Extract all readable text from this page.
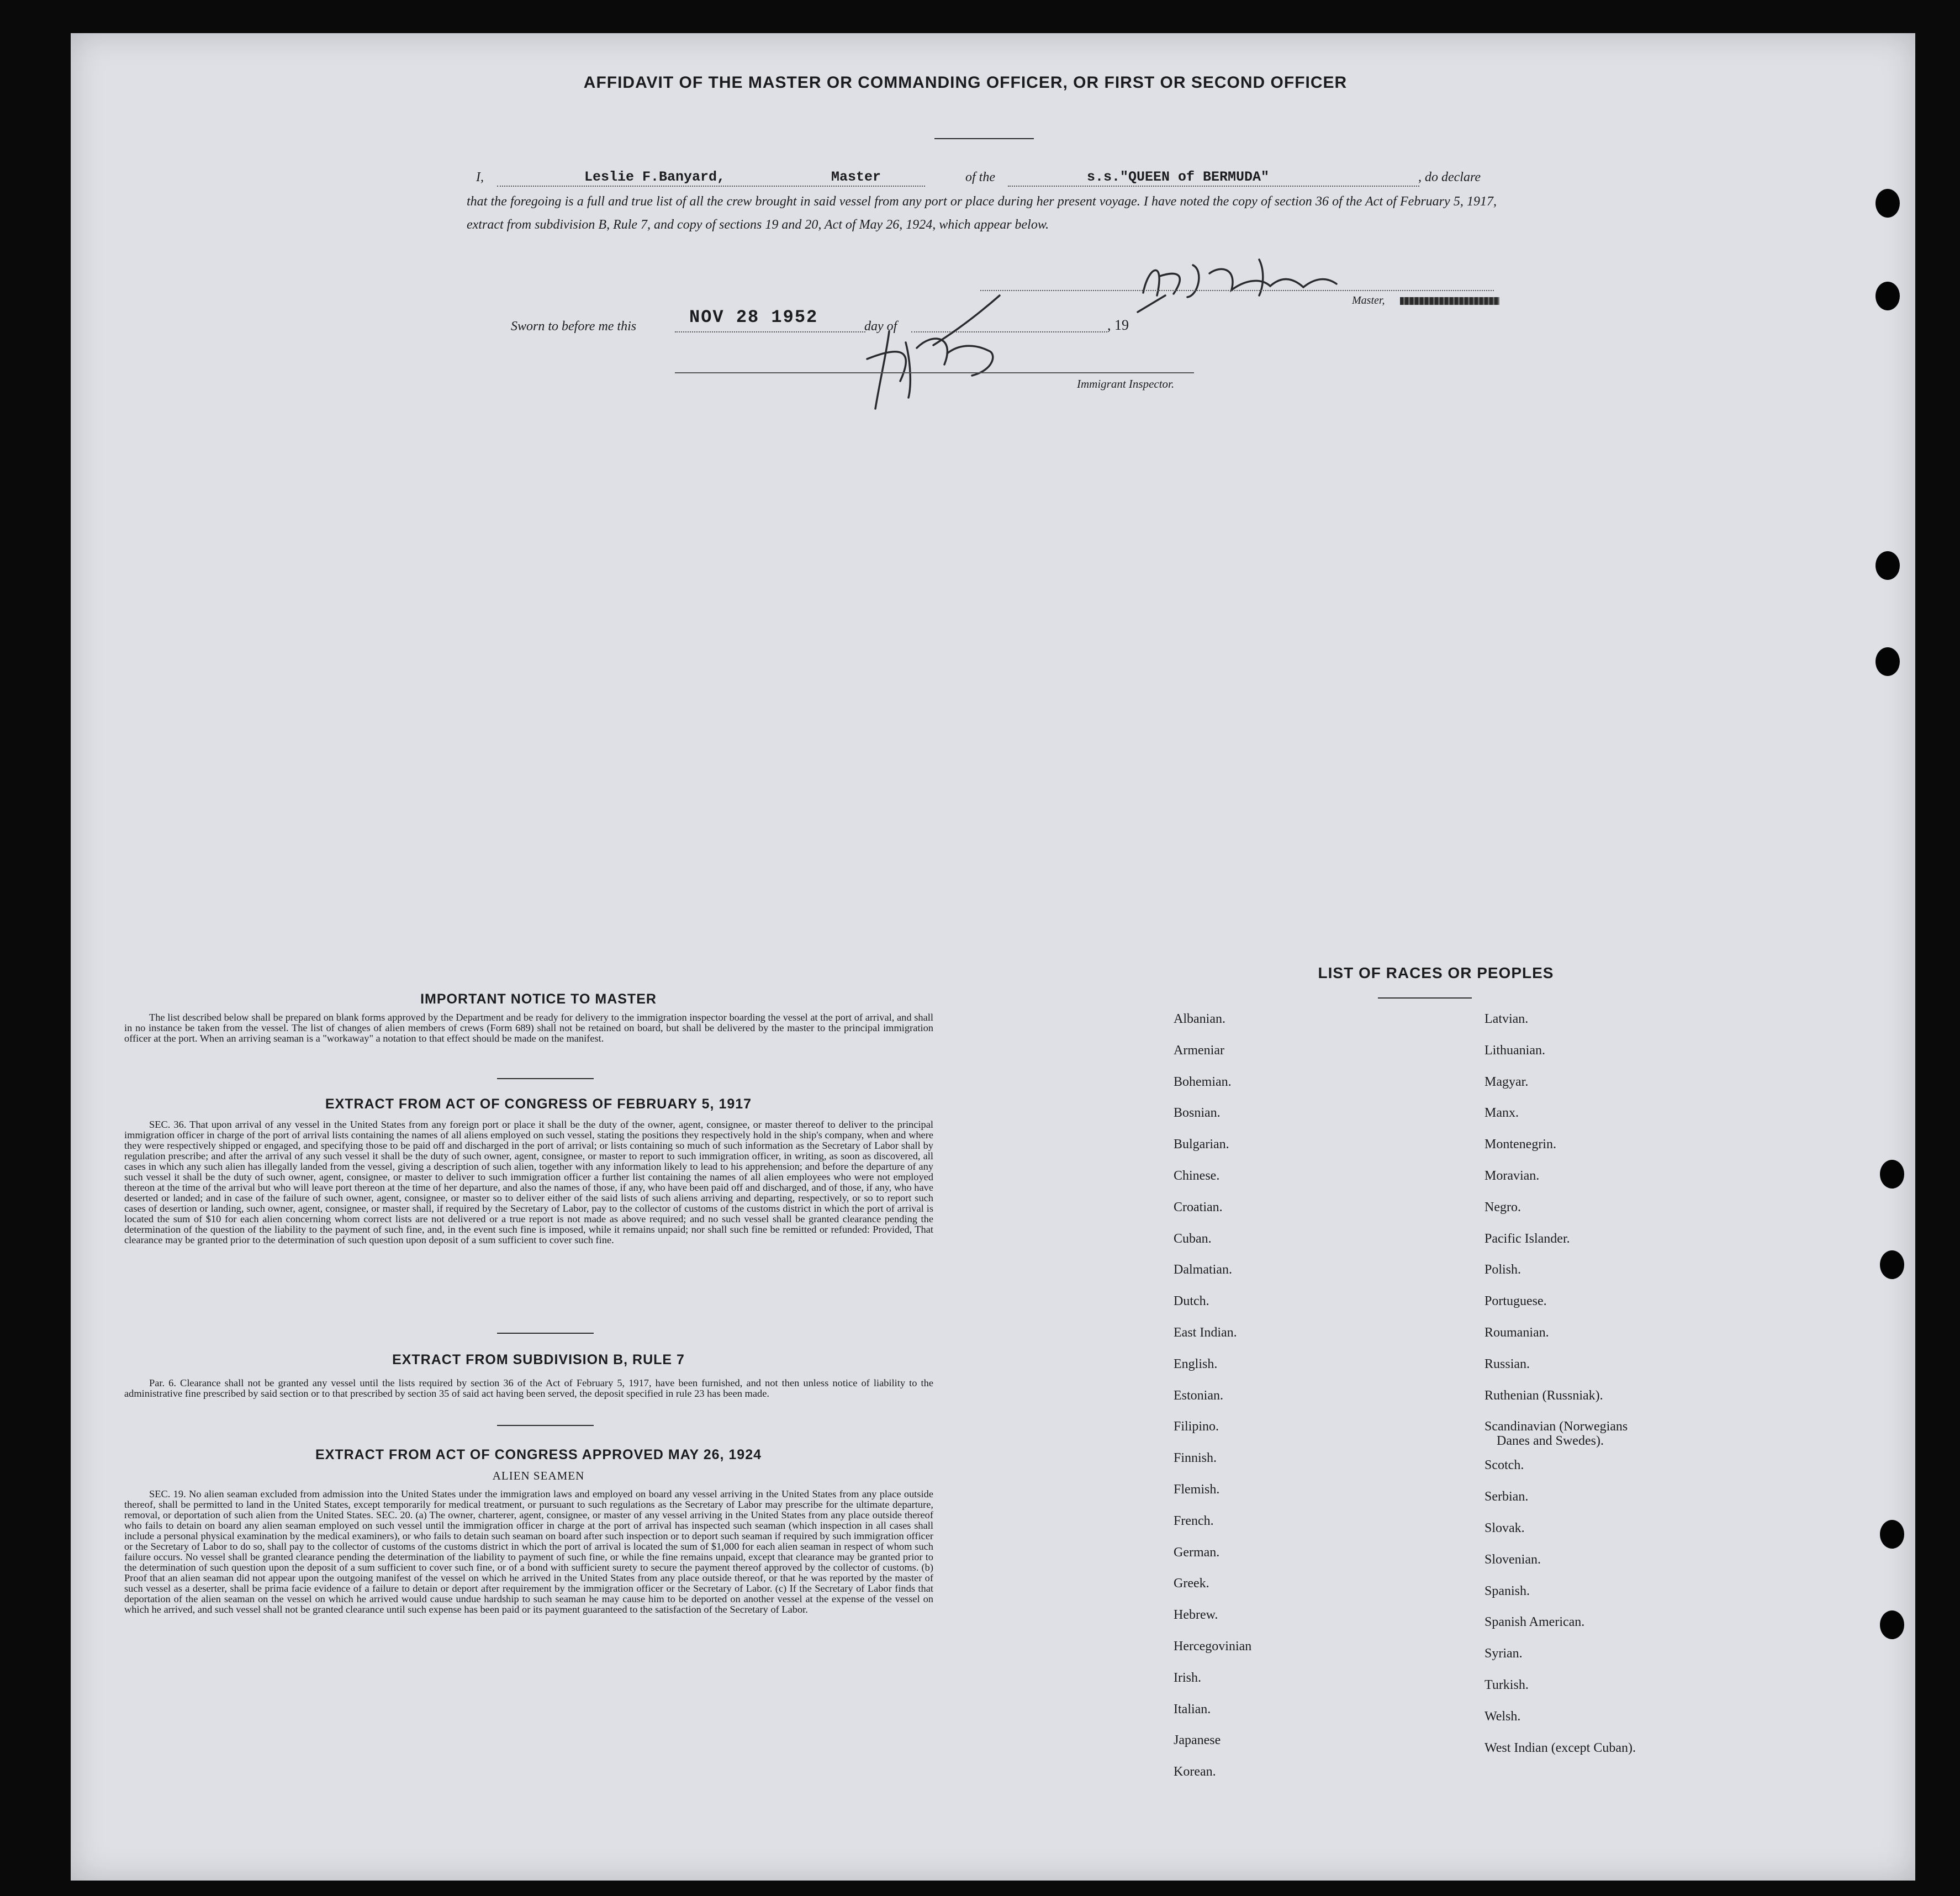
AFFIDAVIT OF THE MASTER OR COMMANDING OFFICER, OR FIRST OR SECOND OFFICER
I,	Leslie F.Banyard,	Master	of the	s.s."QUEEN of BERMUDA"	, do declare
that the foregoing is a full and true list of all the crew brought in said vessel from any port or place during her present voyage. I have noted the copy of section 36 of the Act of February 5, 1917, extract from subdivision B, Rule 7, and copy of sections 19 and 20, Act of May 26, 1924, which appear below.
Master,
Sworn to before me this	NOV 28 1952	day of	, 19
Immigrant Inspector.
IMPORTANT NOTICE TO MASTER
The list described below shall be prepared on blank forms approved by the Department and be ready for delivery to the immigration inspector boarding the vessel at the port of arrival, and shall in no instance be taken from the vessel. The list of changes of alien members of crews (Form 689) shall not be retained on board, but shall be delivered by the master to the principal immigration officer at the port. When an arriving seaman is a "workaway" a notation to that effect should be made on the manifest.
EXTRACT FROM ACT OF CONGRESS OF FEBRUARY 5, 1917
SEC. 36. That upon arrival of any vessel in the United States from any foreign port or place it shall be the duty of the owner, agent, consignee, or master thereof to deliver to the principal immigration officer in charge of the port of arrival lists containing the names of all aliens employed on such vessel, stating the positions they respectively hold in the ship's company, when and where they were respectively shipped or engaged, and specifying those to be paid off and discharged in the port of arrival; or lists containing so much of such information as the Secretary of Labor shall by regulation prescribe; and after the arrival of any such vessel it shall be the duty of such owner, agent, consignee, or master to report to such immigration officer, in writing, as soon as discovered, all cases in which any such alien has illegally landed from the vessel, giving a description of such alien, together with any information likely to lead to his apprehension; and before the departure of any such vessel it shall be the duty of such owner, agent, consignee, or master to deliver to such immigration officer a further list containing the names of all alien employees who were not employed thereon at the time of the arrival but who will leave port thereon at the time of her departure, and also the names of those, if any, who have been paid off and discharged, and of those, if any, who have deserted or landed; and in case of the failure of such owner, agent, consignee, or master so to deliver either of the said lists of such aliens arriving and departing, respectively, or so to report such cases of desertion or landing, such owner, agent, consignee, or master shall, if required by the Secretary of Labor, pay to the collector of customs of the customs district in which the port of arrival is located the sum of $10 for each alien concerning whom correct lists are not delivered or a true report is not made as above required; and no such vessel shall be granted clearance pending the determination of the question of the liability to the payment of such fine, and, in the event such fine is imposed, while it remains unpaid; nor shall such fine be remitted or refunded: Provided, That clearance may be granted prior to the determination of such question upon deposit of a sum sufficient to cover such fine.
EXTRACT FROM SUBDIVISION B, RULE 7
Par. 6. Clearance shall not be granted any vessel until the lists required by section 36 of the Act of February 5, 1917, have been furnished, and not then unless notice of liability to the administrative fine prescribed by said section or to that prescribed by section 35 of said act having been served, the deposit specified in rule 23 has been made.
EXTRACT FROM ACT OF CONGRESS APPROVED MAY 26, 1924
ALIEN SEAMEN
SEC. 19. No alien seaman excluded from admission into the United States under the immigration laws and employed on board any vessel arriving in the United States from any place outside thereof, shall be permitted to land in the United States, except temporarily for medical treatment, or pursuant to such regulations as the Secretary of Labor may prescribe for the ultimate departure, removal, or deportation of such alien from the United States. SEC. 20. (a) The owner, charterer, agent, consignee, or master of any vessel arriving in the United States from any place outside thereof who fails to detain on board any alien seaman employed on such vessel until the immigration officer in charge at the port of arrival has inspected such seaman (which inspection in all cases shall include a personal physical examination by the medical examiners), or who fails to detain such seaman on board after such inspection or to deport such seaman if required by such immigration officer or the Secretary of Labor to do so, shall pay to the collector of customs of the customs district in which the port of arrival is located the sum of $1,000 for each alien seaman in respect of whom such failure occurs. No vessel shall be granted clearance pending the determination of the liability to payment of such fine, or while the fine remains unpaid, except that clearance may be granted prior to the determination of such question upon the deposit of a sum sufficient to cover such fine, or of a bond with sufficient surety to secure the payment thereof approved by the collector of customs. (b) Proof that an alien seaman did not appear upon the outgoing manifest of the vessel on which he arrived in the United States from any place outside thereof, or that he was reported by the master of such vessel as a deserter, shall be prima facie evidence of a failure to detain or deport after requirement by the immigration officer or the Secretary of Labor. (c) If the Secretary of Labor finds that deportation of the alien seaman on the vessel on which he arrived would cause undue hardship to such seaman he may cause him to be deported on another vessel at the expense of the vessel on which he arrived, and such vessel shall not be granted clearance until such expense has been paid or its payment guaranteed to the satisfaction of the Secretary of Labor.
LIST OF RACES OR PEOPLES
Albanian.
Armeniar
Bohemian.
Bosnian.
Bulgarian.
Chinese.
Croatian.
Cuban.
Dalmatian.
Dutch.
East Indian.
English.
Estonian.
Filipino.
Finnish.
Flemish.
French.
German.
Greek.
Hebrew.
Hercegovinian
Irish.
Italian.
Japanese
Korean.
Latvian.
Lithuanian.
Magyar.
Manx.
Montenegrin.
Moravian.
Negro.
Pacific Islander.
Polish.
Portuguese.
Roumanian.
Russian.
Ruthenian (Russniak).
Scandinavian (Norwegians
Danes and Swedes).
Scotch.
Serbian.
Slovak.
Slovenian.
Spanish.
Spanish American.
Syrian.
Turkish.
Welsh.
West Indian (except Cuban).
